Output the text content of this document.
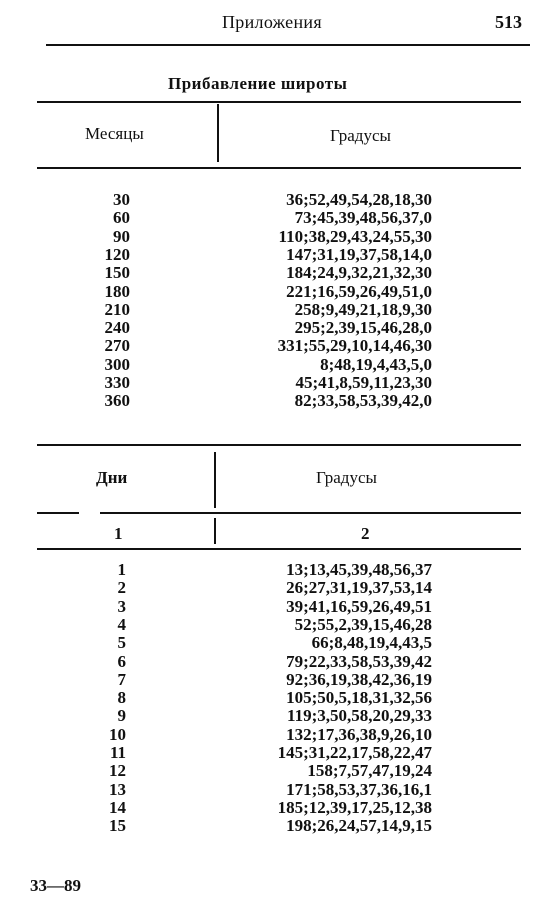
Приложения	513
Прибавление широты
Месяцы	Градусы
30	36;52,49,54,28,18,30
60	73;45,39,48,56,37,0
90	110;38,29,43,24,55,30
120	147;31,19,37,58,14,0
150	184;24,9,32,21,32,30
180	221;16,59,26,49,51,0
210	258;9,49,21,18,9,30
240	295;2,39,15,46,28,0
270	331;55,29,10,14,46,30
300	8;48,19,4,43,5,0
330	45;41,8,59,11,23,30
360	82;33,58,53,39,42,0
Дни	Градусы
1	2
1	13;13,45,39,48,56,37
2	26;27,31,19,37,53,14
3	39;41,16,59,26,49,51
4	52;55,2,39,15,46,28
5	66;8,48,19,4,43,5
6	79;22,33,58,53,39,42
7	92;36,19,38,42,36,19
8	105;50,5,18,31,32,56
9	119;3,50,58,20,29,33
10	132;17,36,38,9,26,10
11	145;31,22,17,58,22,47
12	158;7,57,47,19,24
13	171;58,53,37,36,16,1
14	185;12,39,17,25,12,38
15	198;26,24,57,14,9,15
33—89
